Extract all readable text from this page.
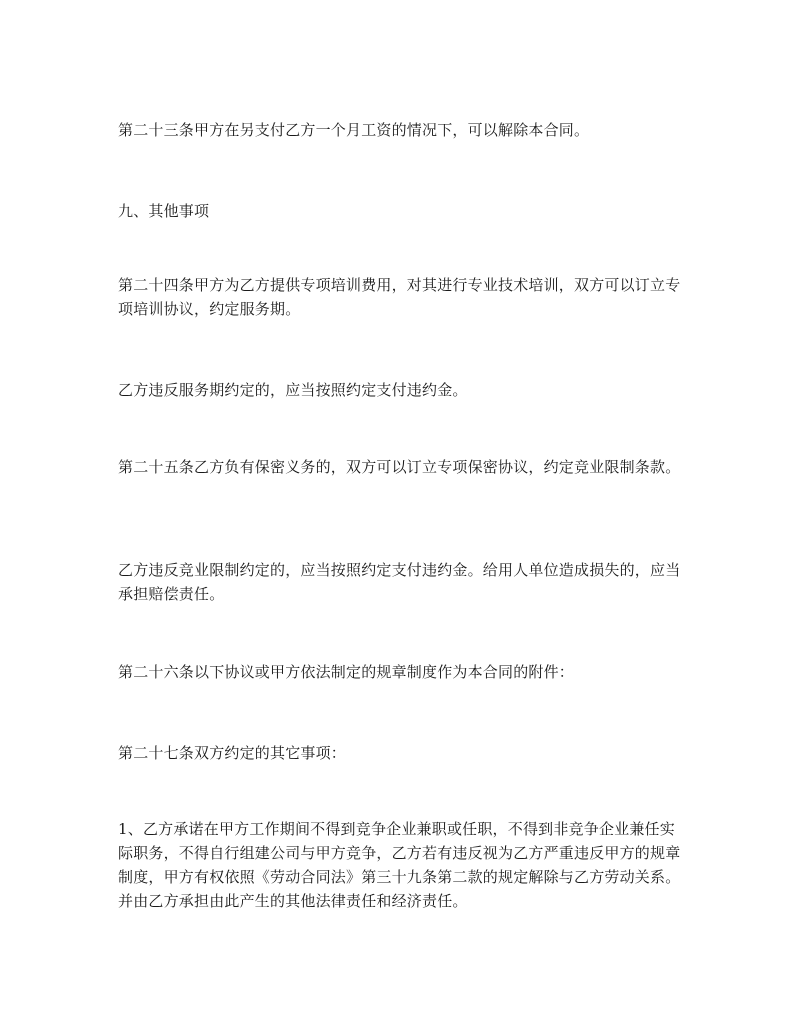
第二十三条甲方在另支付乙方一个月工资的情况下，可以解除本合同。

九、其他事项

第二十四条甲方为乙方提供专项培训费用，对其进行专业技术培训，双方可以订立专项培训协议，约定服务期。

乙方违反服务期约定的，应当按照约定支付违约金。

第二十五条乙方负有保密义务的，双方可以订立专项保密协议，约定竞业限制条款。

乙方违反竞业限制约定的，应当按照约定支付违约金。给用人单位造成损失的，应当承担赔偿责任。

第二十六条以下协议或甲方依法制定的规章制度作为本合同的附件：

第二十七条双方约定的其它事项：

1、乙方承诺在甲方工作期间不得到竞争企业兼职或任职，不得到非竞争企业兼任实际职务，不得自行组建公司与甲方竞争，乙方若有违反视为乙方严重违反甲方的规章制度，甲方有权依照《劳动合同法》第三十九条第二款的规定解除与乙方劳动关系。并由乙方承担由此产生的其他法律责任和经济责任。
